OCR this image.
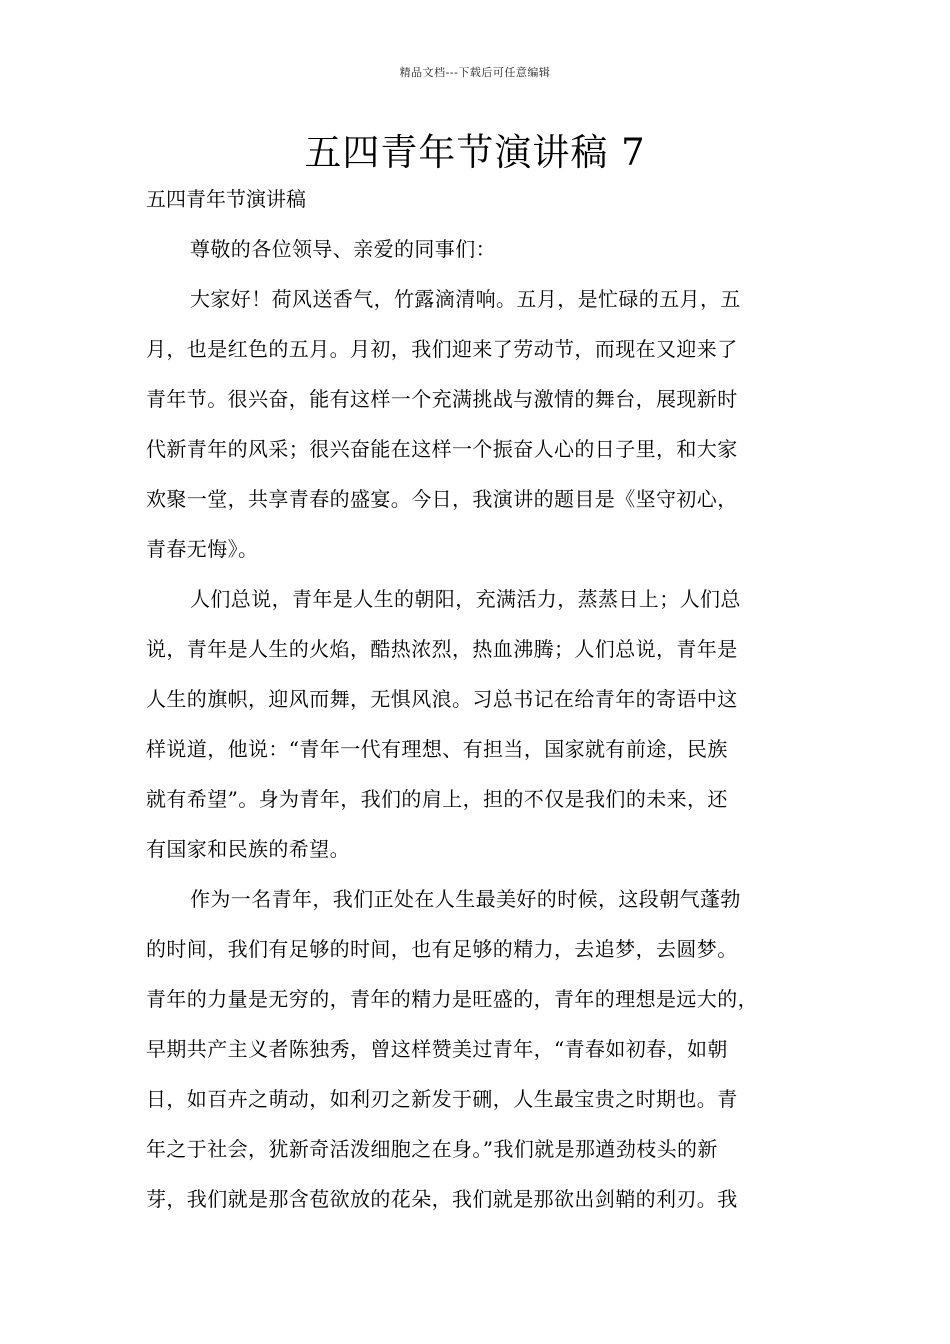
精品文档---下载后可任意编辑
五四青年节演讲稿 7
五四青年节演讲稿
尊敬的各位领导、亲爱的同事们：
大家好！荷风送香气，竹露滴清响。五月，是忙碌的五月，五
月，也是红色的五月。月初，我们迎来了劳动节，而现在又迎来了
青年节。很兴奋，能有这样一个充满挑战与激情的舞台，展现新时
代新青年的风采；很兴奋能在这样一个振奋人心的日子里，和大家
欢聚一堂，共享青春的盛宴。今日，我演讲的题目是《坚守初心，
青春无悔》。
人们总说，青年是人生的朝阳，充满活力，蒸蒸日上；人们总
说，青年是人生的火焰，酷热浓烈，热血沸腾；人们总说，青年是
人生的旗帜，迎风而舞，无惧风浪。习总书记在给青年的寄语中这
样说道，他说：“青年一代有理想、有担当，国家就有前途，民族
就有希望”。身为青年，我们的肩上，担的不仅是我们的未来，还
有国家和民族的希望。
作为一名青年，我们正处在人生最美好的时候，这段朝气蓬勃
的时间，我们有足够的时间，也有足够的精力，去追梦，去圆梦。
青年的力量是无穷的，青年的精力是旺盛的，青年的理想是远大的，
早期共产主义者陈独秀，曾这样赞美过青年，“青春如初春，如朝
日，如百卉之萌动，如利刃之新发于硎，人生最宝贵之时期也。青
年之于社会，犹新奇活泼细胞之在身。”我们就是那遒劲枝头的新
芽，我们就是那含苞欲放的花朵，我们就是那欲出剑鞘的利刃。我
